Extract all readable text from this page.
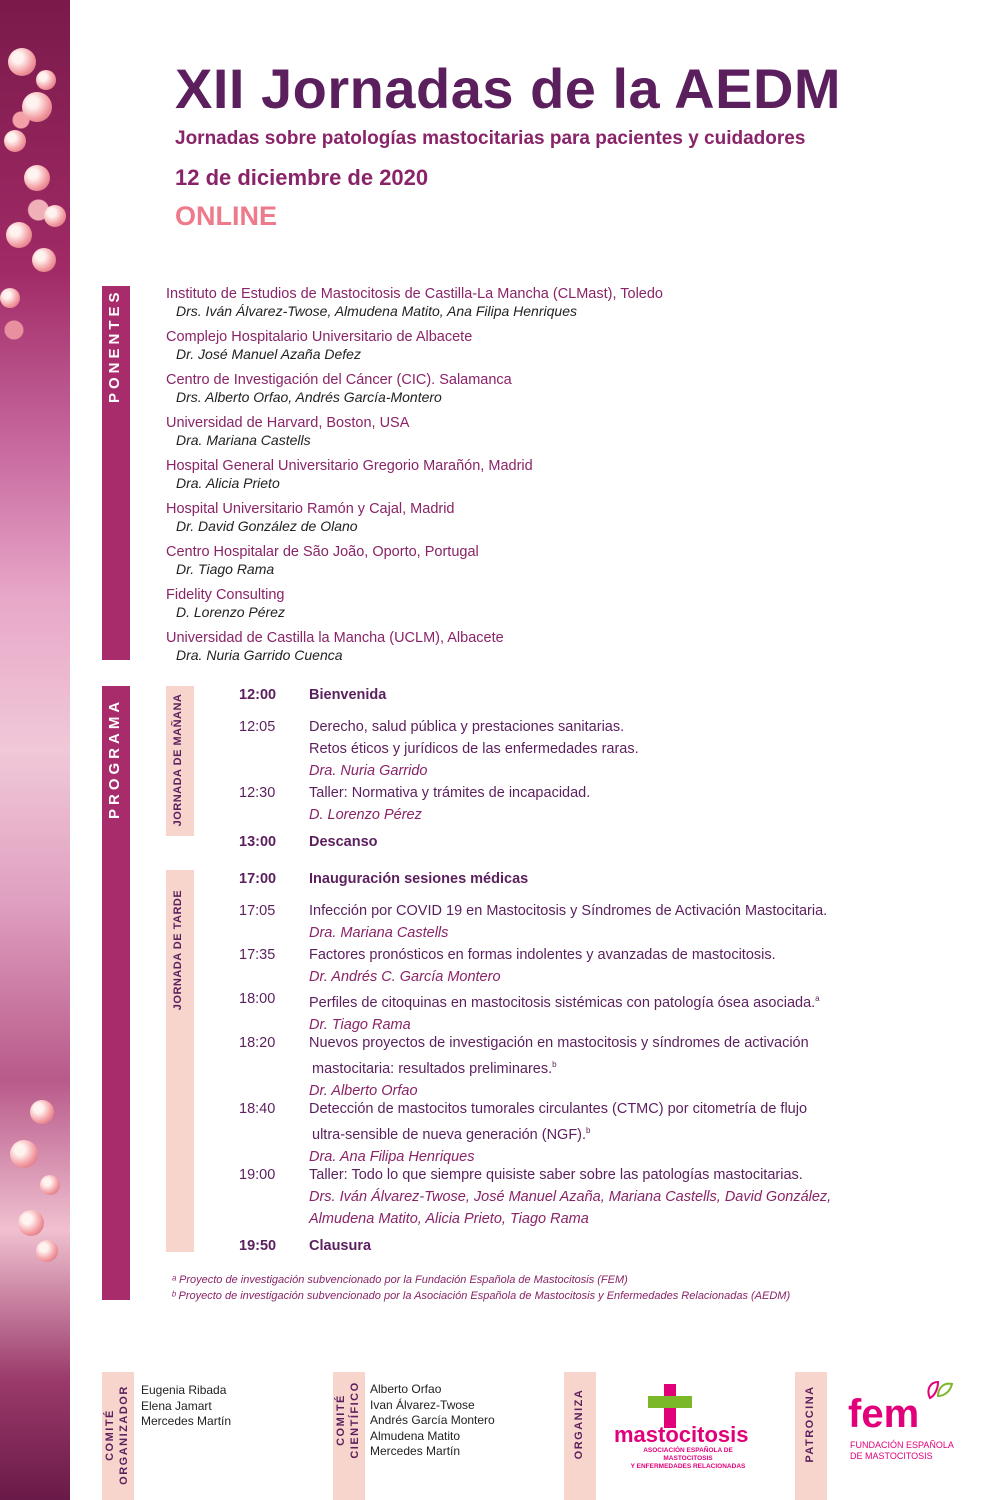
XII Jornadas de la AEDM
Jornadas sobre patologías mastocitarias para pacientes y cuidadores
12 de diciembre de 2020
ONLINE
PONENTES	Instituto de Estudios de Mastocitosis de Castilla-La Mancha (CLMast), Toledo
Drs. Iván Álvarez-Twose, Almudena Matito, Ana Filipa Henriques
Complejo Hospitalario Universitario de Albacete
Dr. José Manuel Azaña Defez
Centro de Investigación del Cáncer (CIC). Salamanca
Drs. Alberto Orfao, Andrés García-Montero
Universidad de Harvard, Boston, USA
Dra. Mariana Castells
Hospital General Universitario Gregorio Marañón, Madrid
Dra. Alicia Prieto
Hospital Universitario Ramón y Cajal, Madrid
Dr. David González de Olano
Centro Hospitalar de São João, Oporto, Portugal
Dr. Tiago Rama
Fidelity Consulting
D. Lorenzo Pérez
Universidad de Castilla la Mancha (UCLM), Albacete
Dra. Nuria Garrido Cuenca
PROGRAMA	JORNADA DE MAÑANA
JORNADA DE TARDE
12:00	Bienvenida
12:05	Derecho, salud pública y prestaciones sanitarias.
Retos éticos y jurídicos de las enfermedades raras.
Dra. Nuria Garrido
12:30	Taller: Normativa y trámites de incapacidad.
D. Lorenzo Pérez
13:00	Descanso
17:00	Inauguración sesiones médicas
17:05	Infección por COVID 19 en Mastocitosis y Síndromes de Activación Mastocitaria.
Dra. Mariana Castells
17:35	Factores pronósticos en formas indolentes y avanzadas de mastocitosis.
Dr. Andrés C. García Montero
18:00	Perfiles de citoquinas en mastocitosis sistémicas con patología ósea asociada.$^a$
Dr. Tiago Rama
18:20	Nuevos proyectos de investigación en mastocitosis y síndromes de activación
mastocitaria: resultados preliminares.$^b$
Dr. Alberto Orfao
18:40	Detección de mastocitos tumorales circulantes (CTMC) por citometría de flujo
ultra-sensible de nueva generación (NGF).$^b$
Dra. Ana Filipa Henriques
19:00	Taller: Todo lo que siempre quisiste saber sobre las patologías mastocitarias.
Drs. Iván Álvarez-Twose, José Manuel Azaña, Mariana Castells, David González,
Almudena Matito, Alicia Prieto, Tiago Rama
19:50	Clausura
ᵃ Proyecto de investigación subvencionado por la Fundación Española de Mastocitosis (FEM)
ᵇ Proyecto de investigación subvencionado por la Asociación Española de Mastocitosis y Enfermedades Relacionadas (AEDM)
COMITÉ ORGANIZADOR Eugenia Ribada
Elena Jamart
Mercedes Martín	COMITÉ CIENTÍFICO Alberto Orfao
Ivan Álvarez-Twose
Andrés García Montero
Almudena Matito
Mercedes Martín	ORGANIZA mastocitosis
ASOCIACIÓN ESPAÑOLA DE MASTOCITOSIS
Y ENFERMEDADES RELACIONADAS
PATROCINA fem
FUNDACIÓN ESPAÑOLA
DE MASTOCITOSIS
